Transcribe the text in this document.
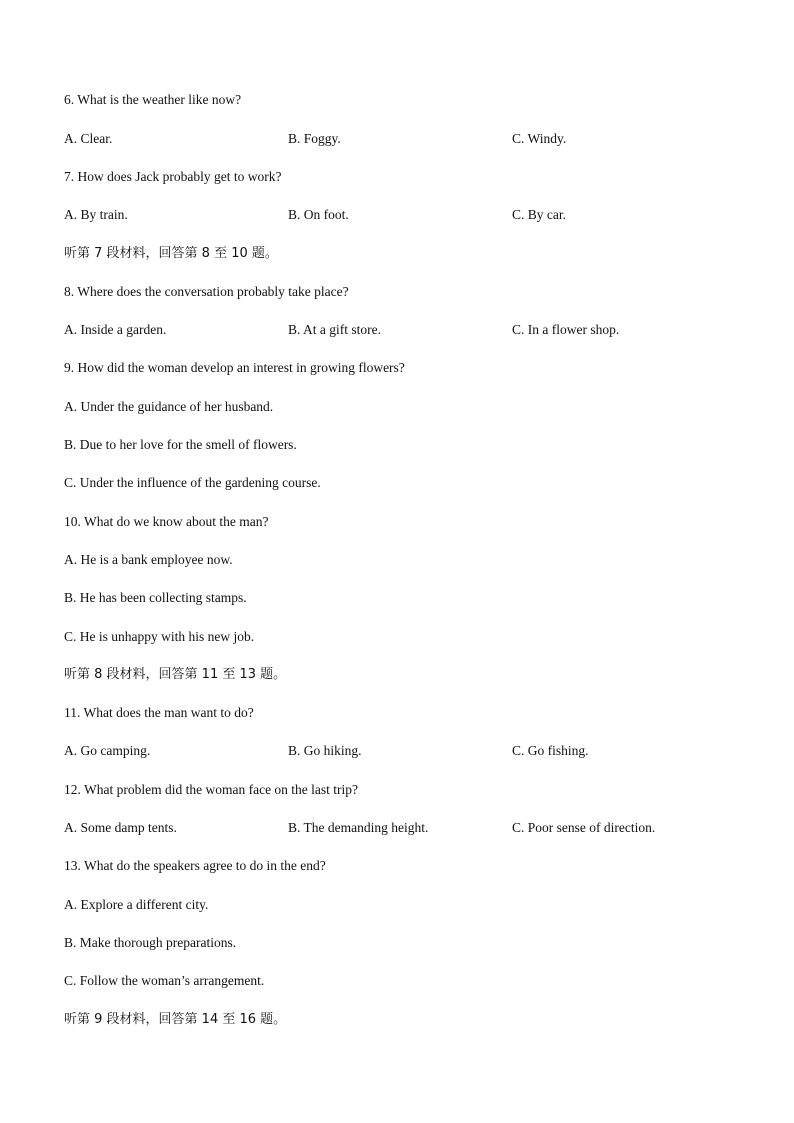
6. What is the weather like now?
A. Clear.	B. Foggy.	C. Windy.
7. How does Jack probably get to work?
A. By train.	B. On foot.	C. By car.
听第 7 段材料，回答第 8 至 10 题。
8. Where does the conversation probably take place?
A. Inside a garden.	B. At a gift store.	C. In a flower shop.
9. How did the woman develop an interest in growing flowers?
A. Under the guidance of her husband.
B. Due to her love for the smell of flowers.
C. Under the influence of the gardening course.
10. What do we know about the man?
A. He is a bank employee now.
B. He has been collecting stamps.
C. He is unhappy with his new job.
听第 8 段材料，回答第 11 至 13 题。
11. What does the man want to do?
A. Go camping.	B. Go hiking.	C. Go fishing.
12. What problem did the woman face on the last trip?
A. Some damp tents.	B. The demanding height.	C. Poor sense of direction.
13. What do the speakers agree to do in the end?
A. Explore a different city.
B. Make thorough preparations.
C. Follow the woman’s arrangement.
听第 9 段材料，回答第 14 至 16 题。
